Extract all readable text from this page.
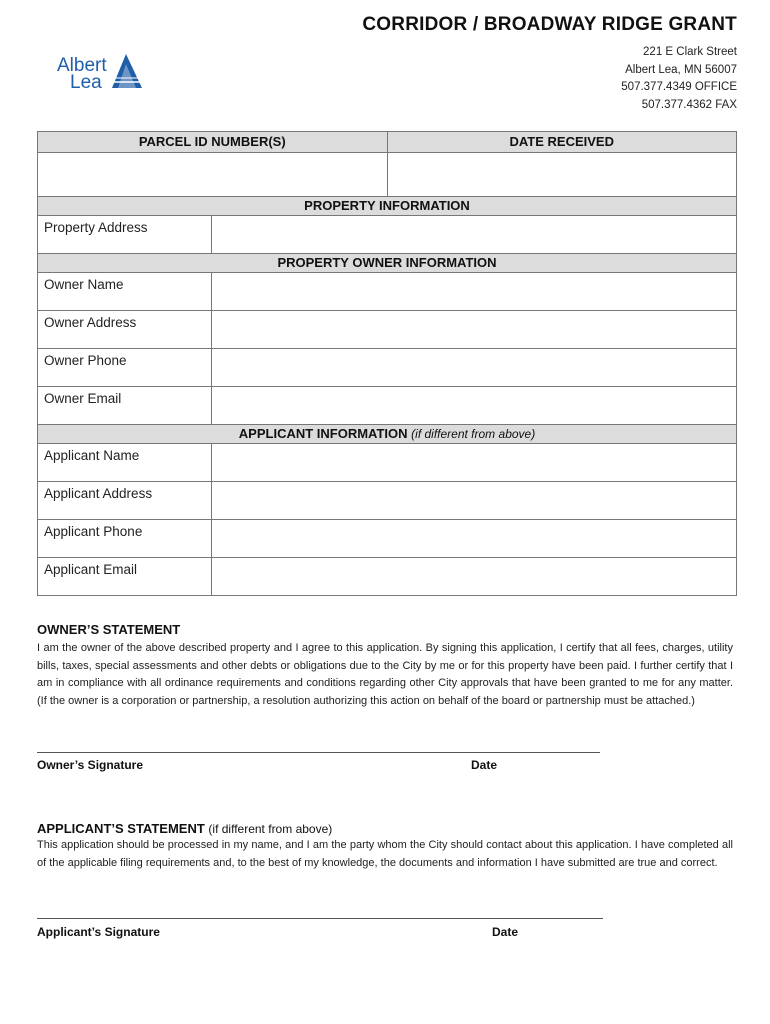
CORRIDOR / BROADWAY RIDGE GRANT
Albert
Lea
221 E Clark Street
Albert Lea, MN 56007
507.377.4349 OFFICE
507.377.4362 FAX
PARCEL ID NUMBER(S)	DATE RECEIVED
PROPERTY INFORMATION
Property Address
PROPERTY OWNER INFORMATION
Owner Name
Owner Address
Owner Phone
Owner Email
APPLICANT INFORMATION (if different from above)
Applicant Name
Applicant Address
Applicant Phone
Applicant Email
OWNER’S STATEMENT
I am the owner of the above described property and I agree to this application. By signing this application, I certify that all fees, charges, utility bills, taxes, special assessments and other debts or obligations due to the City by me or for this property have been paid. I further certify that I am in compliance with all ordinance requirements and conditions regarding other City approvals that have been granted to me for any matter. (If the owner is a corporation or partnership, a resolution authorizing this action on behalf of the board or partnership must be attached.)
Owner’s Signature	Date
APPLICANT’S STATEMENT (if different from above)
This application should be processed in my name, and I am the party whom the City should contact about this application. I have completed all of the applicable filing requirements and, to the best of my knowledge, the documents and information I have submitted are true and correct.
Applicant’s Signature	Date
